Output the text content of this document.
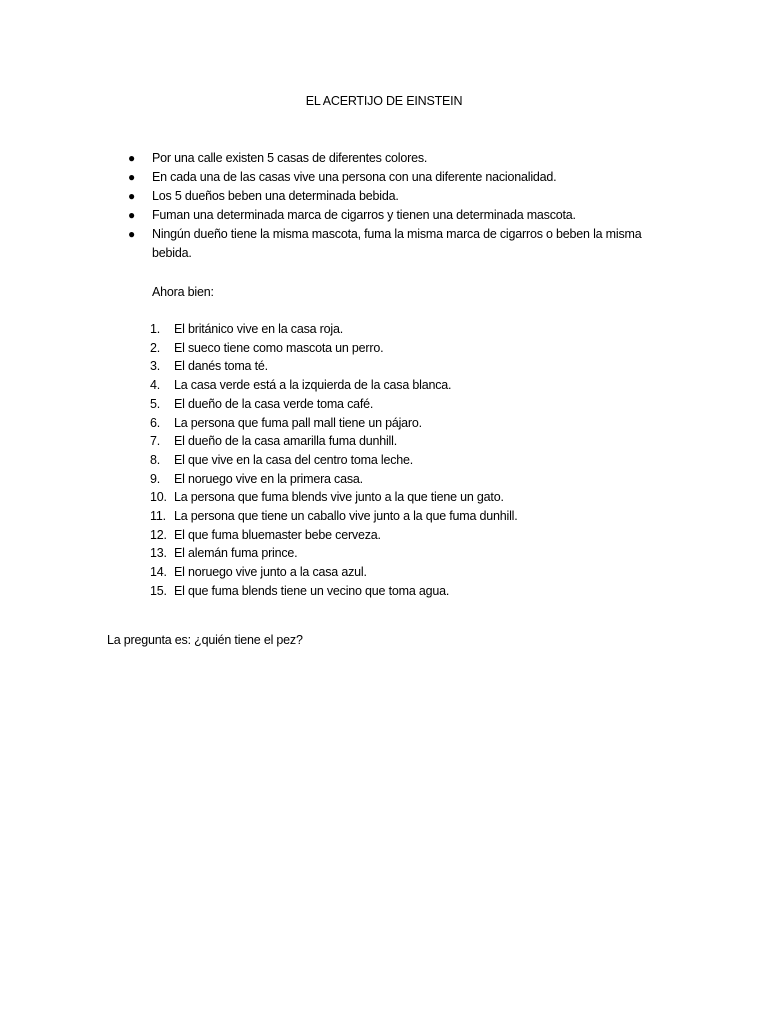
EL ACERTIJO DE EINSTEIN
● Por una calle existen 5 casas de diferentes colores.
● En cada una de las casas vive una persona con una diferente nacionalidad.
● Los 5 dueños beben una determinada bebida.
● Fuman una determinada marca de cigarros y tienen una determinada mascota.
● Ningún dueño tiene la misma mascota, fuma la misma marca de cigarros o beben la misma bebida.
Ahora bien:
1. El británico vive en la casa roja.
2. El sueco tiene como mascota un perro.
3. El danés toma té.
4. La casa verde está a la izquierda de la casa blanca.
5. El dueño de la casa verde toma café.
6. La persona que fuma pall mall tiene un pájaro.
7. El dueño de la casa amarilla fuma dunhill.
8. El que vive en la casa del centro toma leche.
9. El noruego vive en la primera casa.
10. La persona que fuma blends vive junto a la que tiene un gato.
11. La persona que tiene un caballo vive junto a la que fuma dunhill.
12. El que fuma bluemaster bebe cerveza.
13. El alemán fuma prince.
14. El noruego vive junto a la casa azul.
15. El que fuma blends tiene un vecino que toma agua.
La pregunta es: ¿quién tiene el pez?
